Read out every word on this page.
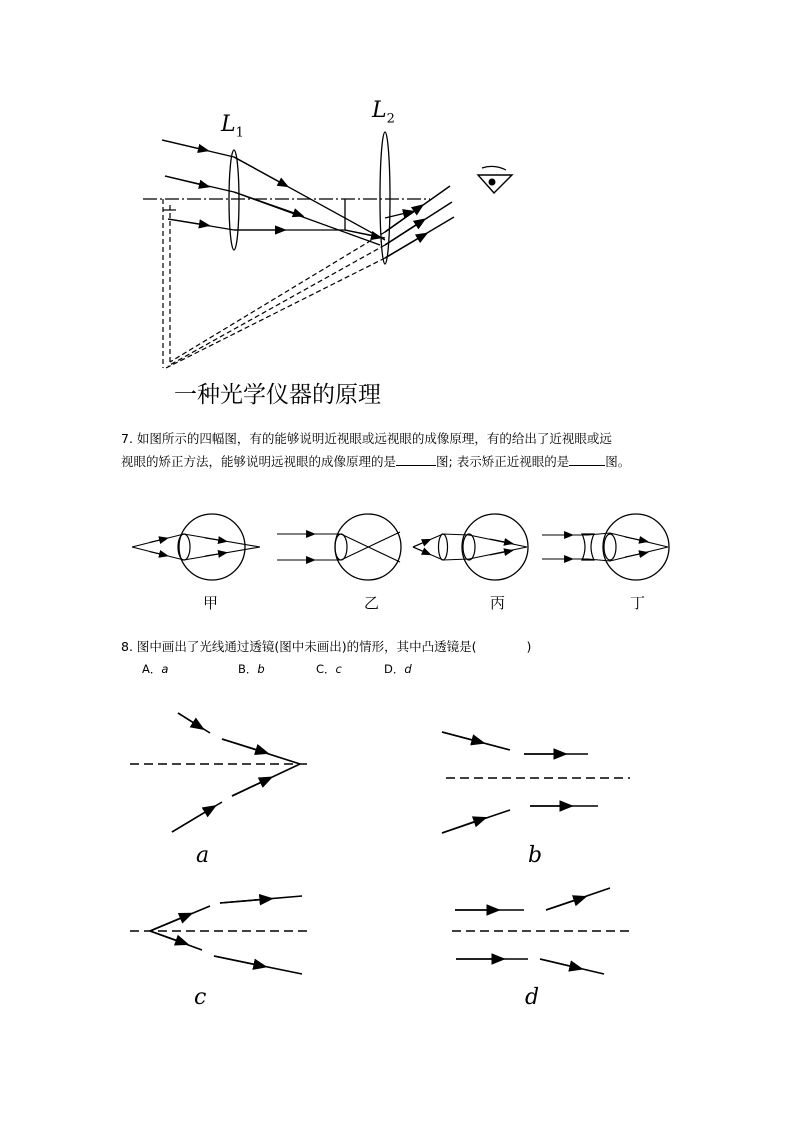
$L_1$
$L_2$
一种光学仪器的原理
7. 如图所示的四幅图，有的能够说明近视眼或远视眼的成像原理，有的给出了近视眼或远
视眼的矫正方法，能够说明远视眼的成像原理的是	图; 表示矫正近视眼的是	图。
甲	乙	丙	丁
8. 图中画出了光线通过透镜(图中未画出)的情形，其中凸透镜是(	)
A．a	B．b	C．c	D．d
a	b
c	d
